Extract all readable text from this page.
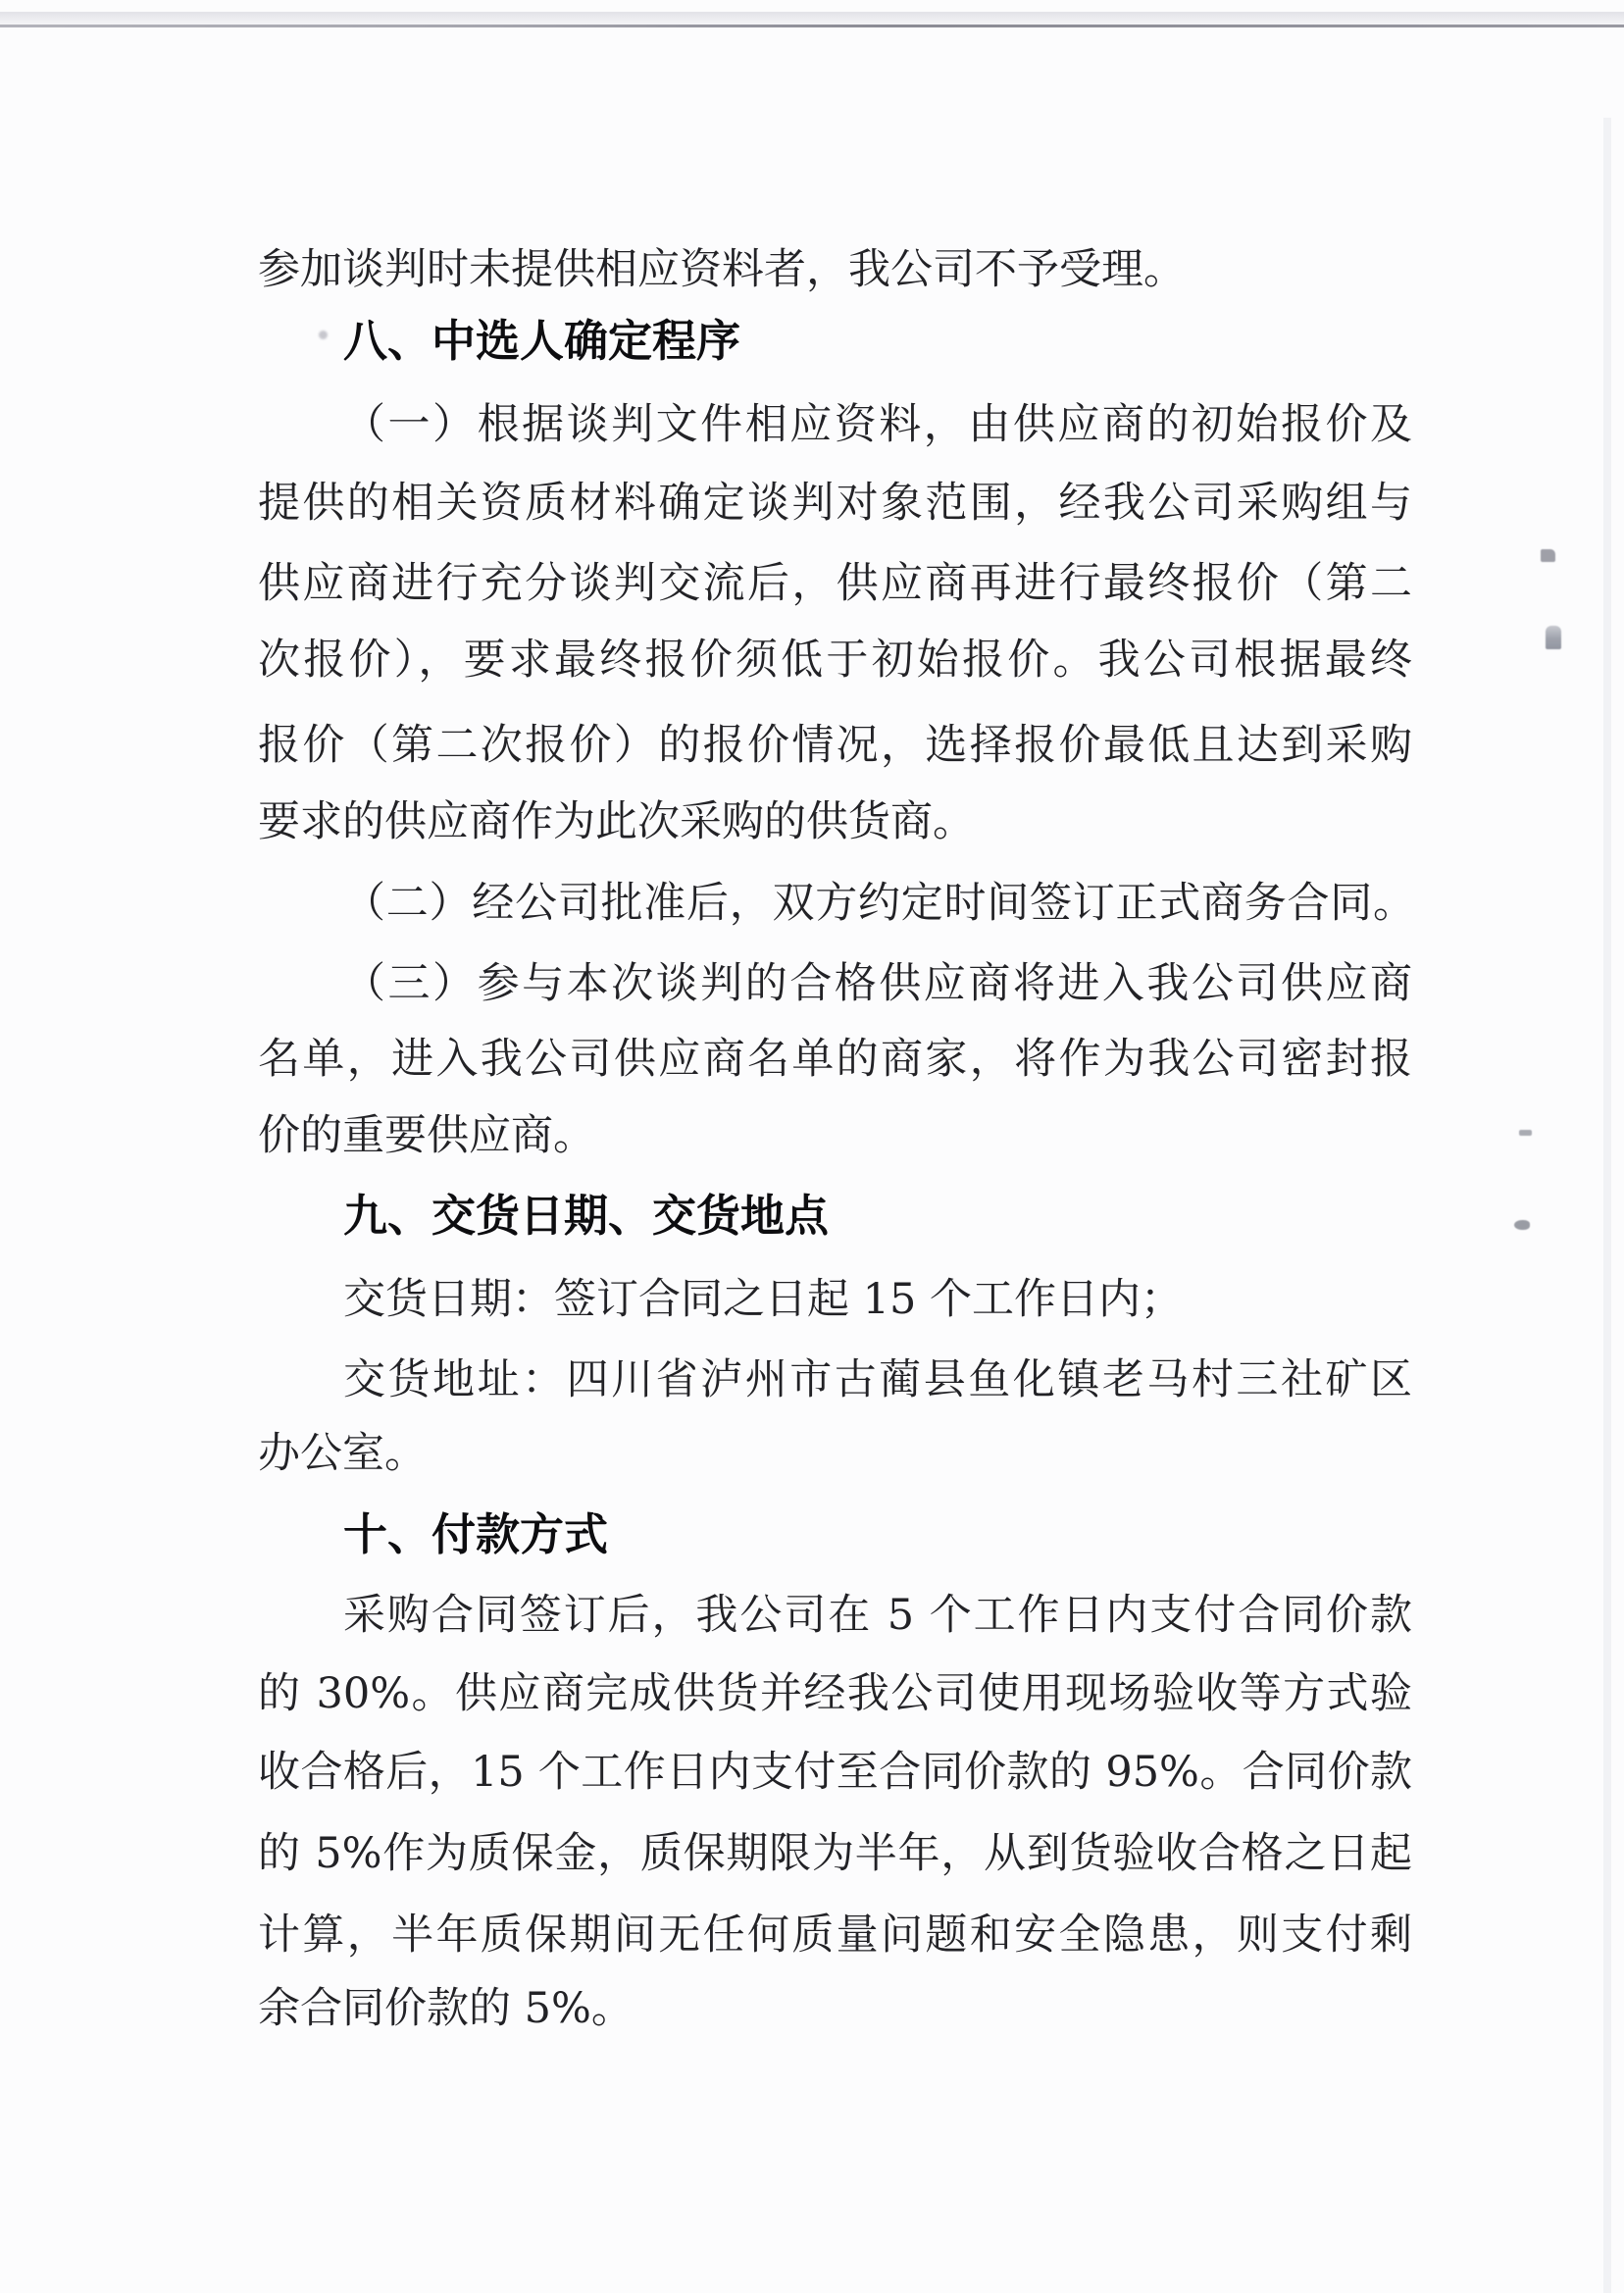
参加谈判时未提供相应资料者，我公司不予受理。
八、中选人确定程序
（一）根据谈判文件相应资料，由供应商的初始报价及
提供的相关资质材料确定谈判对象范围，经我公司采购组与
供应商进行充分谈判交流后，供应商再进行最终报价（第二
次报价），要求最终报价须低于初始报价。我公司根据最终
报价（第二次报价）的报价情况，选择报价最低且达到采购
要求的供应商作为此次采购的供货商。
（二）经公司批准后，双方约定时间签订正式商务合同。
（三）参与本次谈判的合格供应商将进入我公司供应商
名单，进入我公司供应商名单的商家，将作为我公司密封报
价的重要供应商。
九、交货日期、交货地点
交货日期：签订合同之日起 15 个工作日内；
交货地址：四川省泸州市古蔺县鱼化镇老马村三社矿区
办公室。
十、付款方式
采购合同签订后，我公司在 5 个工作日内支付合同价款
的 30%。供应商完成供货并经我公司使用现场验收等方式验
收合格后，15 个工作日内支付至合同价款的 95%。合同价款
的 5%作为质保金，质保期限为半年，从到货验收合格之日起
计算，半年质保期间无任何质量问题和安全隐患，则支付剩
余合同价款的 5%。
